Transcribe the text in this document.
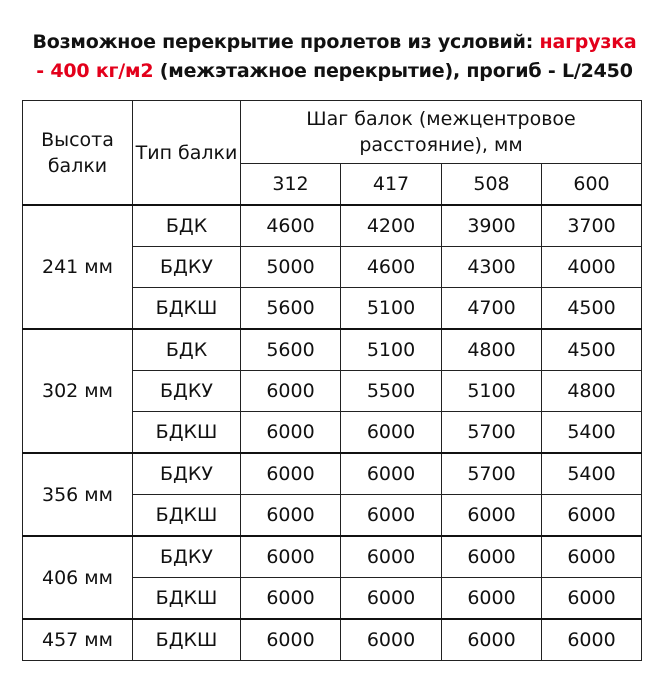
Возможное перекрытие пролетов из условий: нагрузка
- 400 кг/м2 (межэтажное перекрытие), прогиб - L/2450
Высота балки	Тип балки	Шаг балок (межцентровое расстояние), мм			
		312	417	508	600
241 мм	БДК	4600	4200	3900	3700
	БДКУ	5000	4600	4300	4000
	БДКШ	5600	5100	4700	4500
302 мм	БДК	5600	5100	4800	4500
	БДКУ	6000	5500	5100	4800
	БДКШ	6000	6000	5700	5400
356 мм	БДКУ	6000	6000	5700	5400
	БДКШ	6000	6000	6000	6000
406 мм	БДКУ	6000	6000	6000	6000
	БДКШ	6000	6000	6000	6000
457 мм	БДКШ	6000	6000	6000	6000
